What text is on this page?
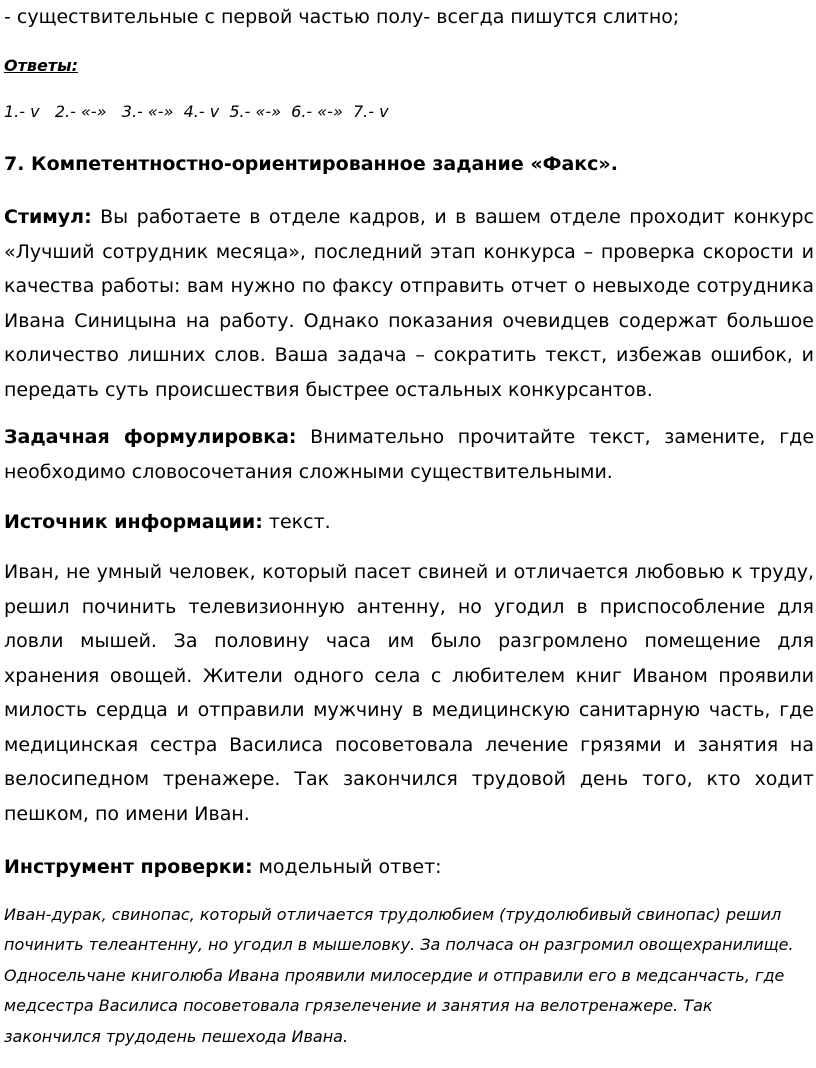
- существительные с первой частью полу- всегда пишутся слитно;
Ответы:
1.- v   2.- «-»   3.- «-»  4.- v  5.- «-»  6.- «-»  7.- v
7. Компетентностно-ориентированное задание «Факс».
Стимул: Вы работаете в отделе кадров, и в вашем отделе проходит конкурс «Лучший сотрудник месяца», последний этап конкурса – проверка скорости и качества работы: вам нужно по факсу отправить отчет о невыходе сотрудника Ивана Синицына на работу. Однако показания очевидцев содержат большое количество лишних слов. Ваша задача – сократить текст, избежав ошибок, и передать суть происшествия быстрее остальных конкурсантов.
Задачная формулировка: Внимательно прочитайте текст, замените, где необходимо словосочетания сложными существительными.
Источник информации: текст.
Иван, не умный человек, который пасет свиней и отличается любовью к труду, решил починить телевизионную антенну, но угодил в приспособление для ловли мышей. За половину часа им было разгромлено помещение для хранения овощей. Жители одного села с любителем книг Иваном проявили милость сердца и отправили мужчину в медицинскую санитарную часть, где медицинская сестра Василиса посоветовала лечение грязями и занятия на велосипедном тренажере. Так закончился трудовой день того, кто ходит пешком, по имени Иван.
Инструмент проверки: модельный ответ:
Иван-дурак, свинопас, который отличается трудолюбием (трудолюбивый свинопас) решил починить телеантенну, но угодил в мышеловку. За полчаса он разгромил овощехранилище. Односельчане книголюба Ивана проявили милосердие и отправили его в медсанчасть, где медсестра Василиса посоветовала грязелечение и занятия на велотренажере. Так закончился трудодень пешехода Ивана.
